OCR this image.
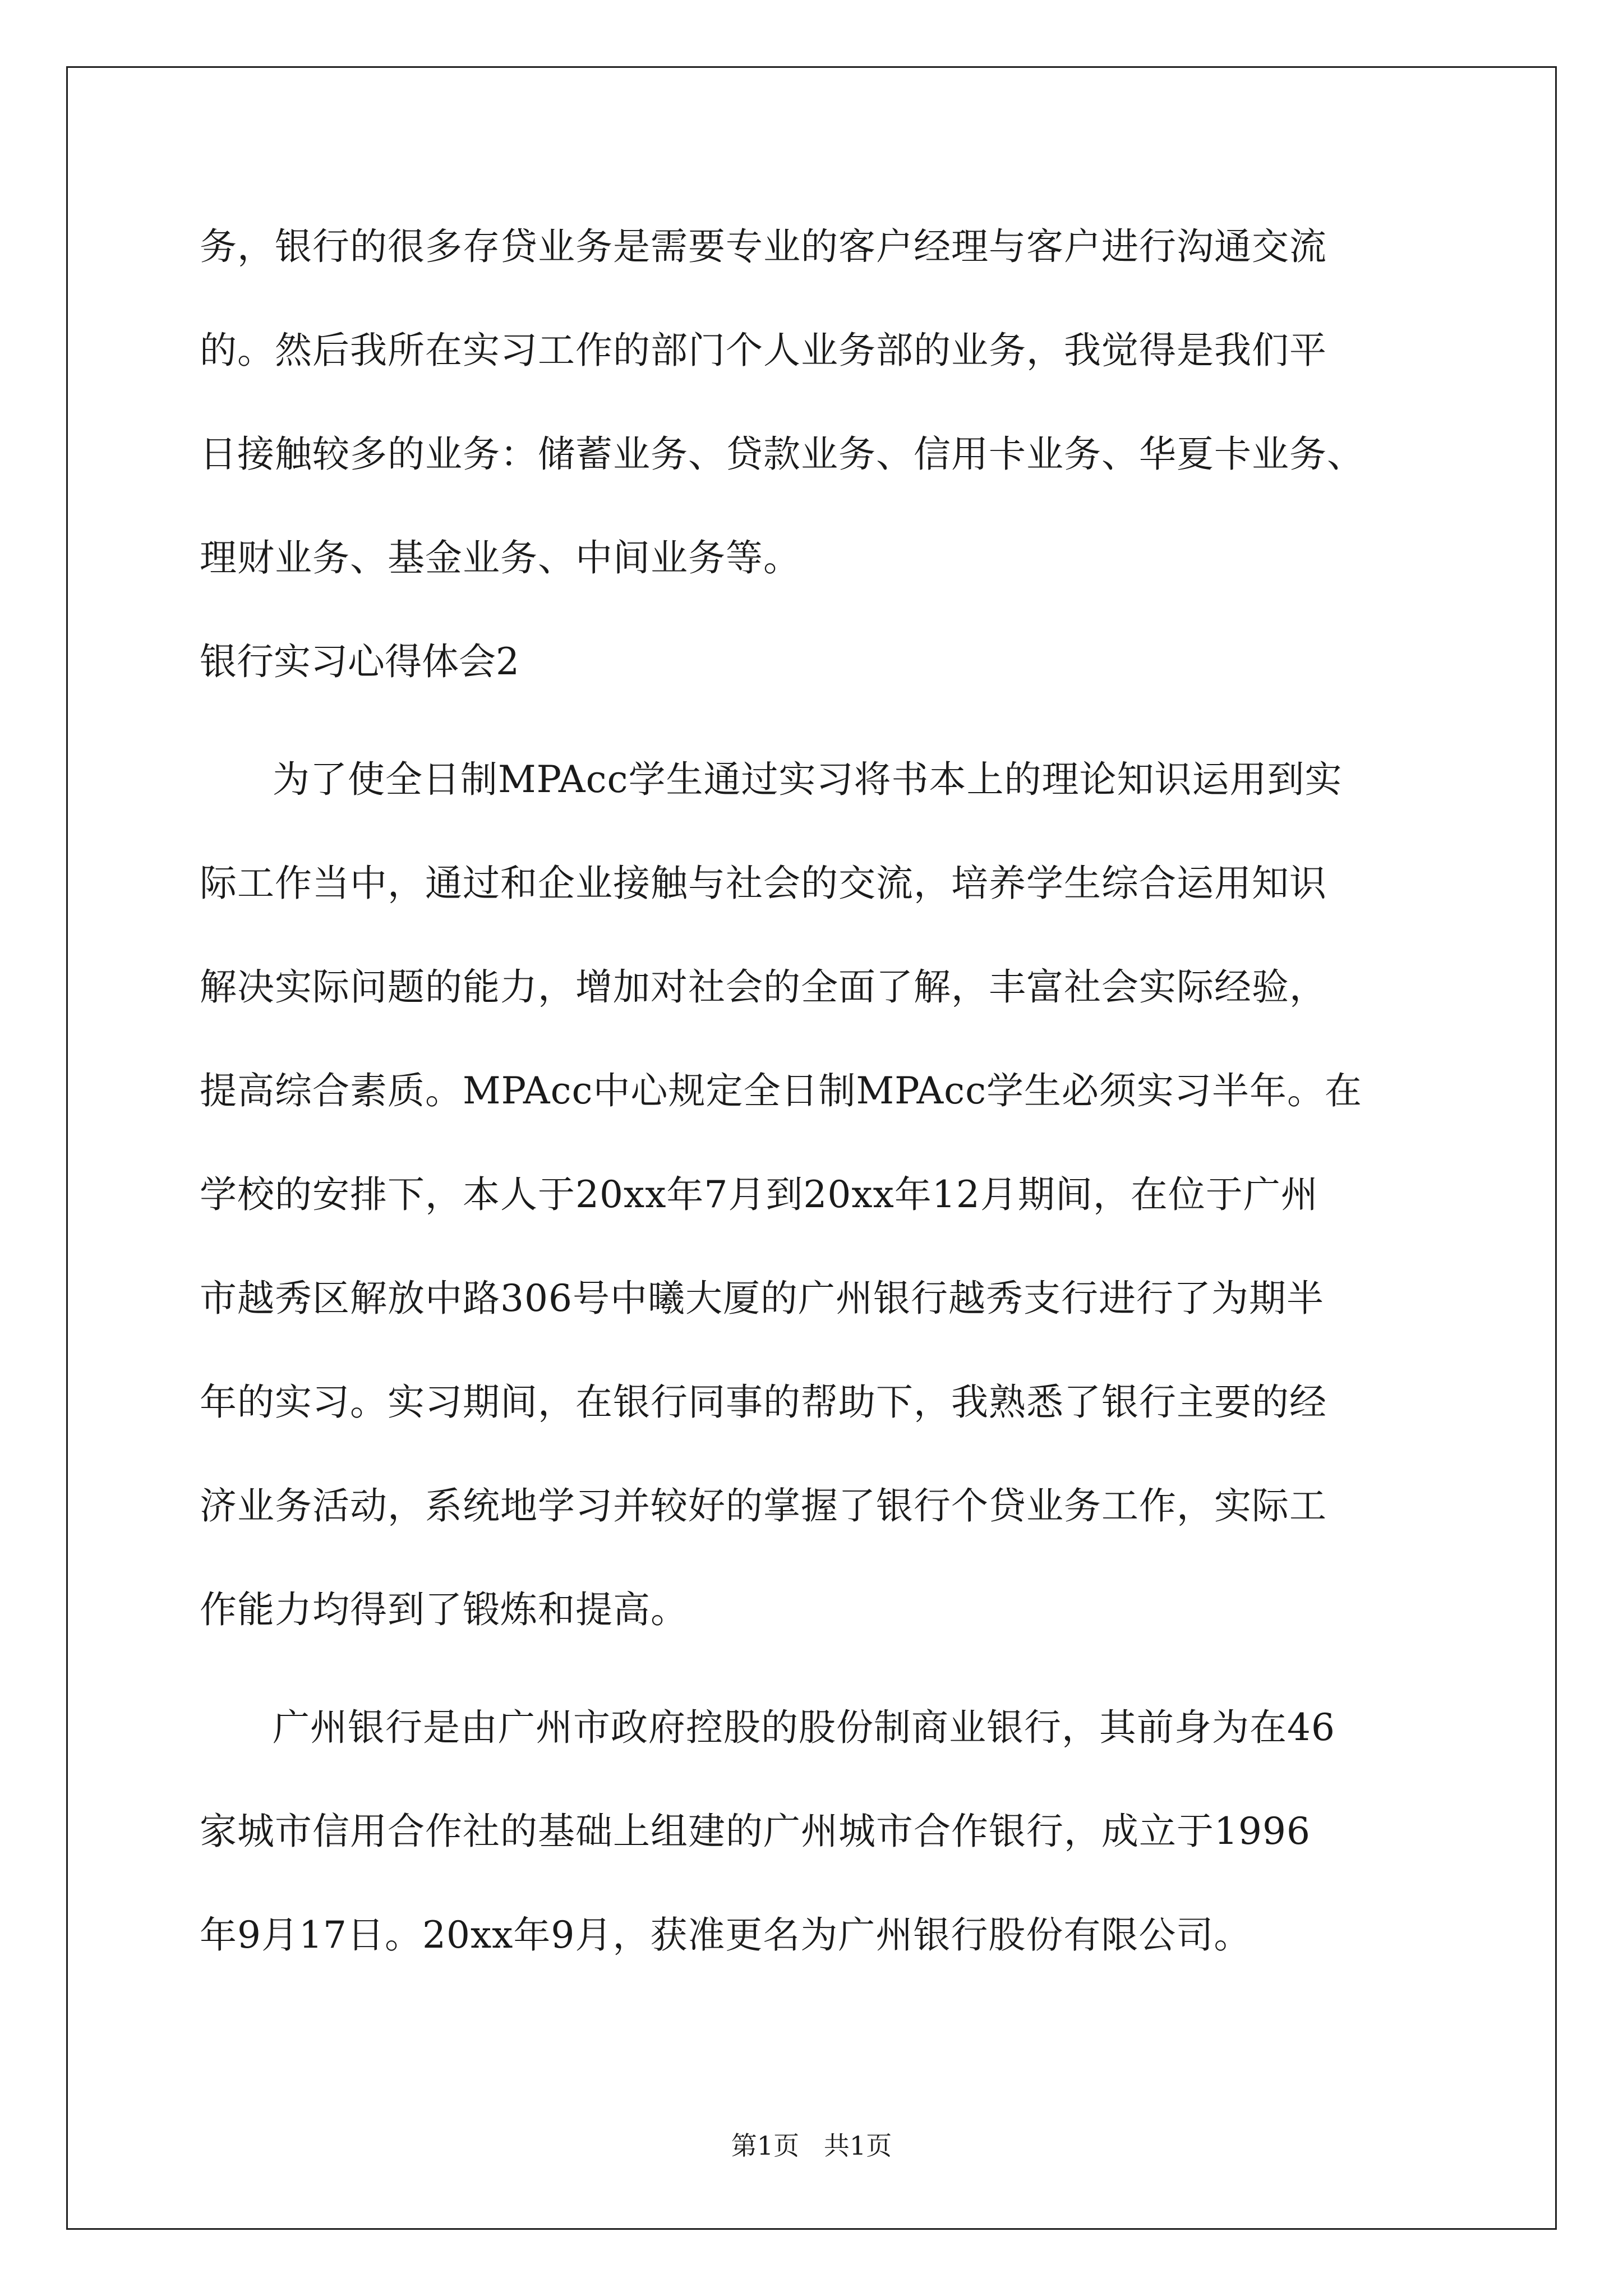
务，银行的很多存贷业务是需要专业的客户经理与客户进行沟通交流
的。然后我所在实习工作的部门个人业务部的业务，我觉得是我们平
日接触较多的业务：储蓄业务、贷款业务、信用卡业务、华夏卡业务、
理财业务、基金业务、中间业务等。
银行实习心得体会2
为了使全日制MPAcc学生通过实习将书本上的理论知识运用到实
际工作当中，通过和企业接触与社会的交流，培养学生综合运用知识
解决实际问题的能力，增加对社会的全面了解，丰富社会实际经验，
提高综合素质。MPAcc中心规定全日制MPAcc学生必须实习半年。在
学校的安排下，本人于20xx年7月到20xx年12月期间，在位于广州
市越秀区解放中路306号中曦大厦的广州银行越秀支行进行了为期半
年的实习。实习期间，在银行同事的帮助下，我熟悉了银行主要的经
济业务活动，系统地学习并较好的掌握了银行个贷业务工作，实际工
作能力均得到了锻炼和提高。
广州银行是由广州市政府控股的股份制商业银行，其前身为在46
家城市信用合作社的基础上组建的广州城市合作银行，成立于1996
年9月17日。20xx年9月，获准更名为广州银行股份有限公司。
第1页   共1页
